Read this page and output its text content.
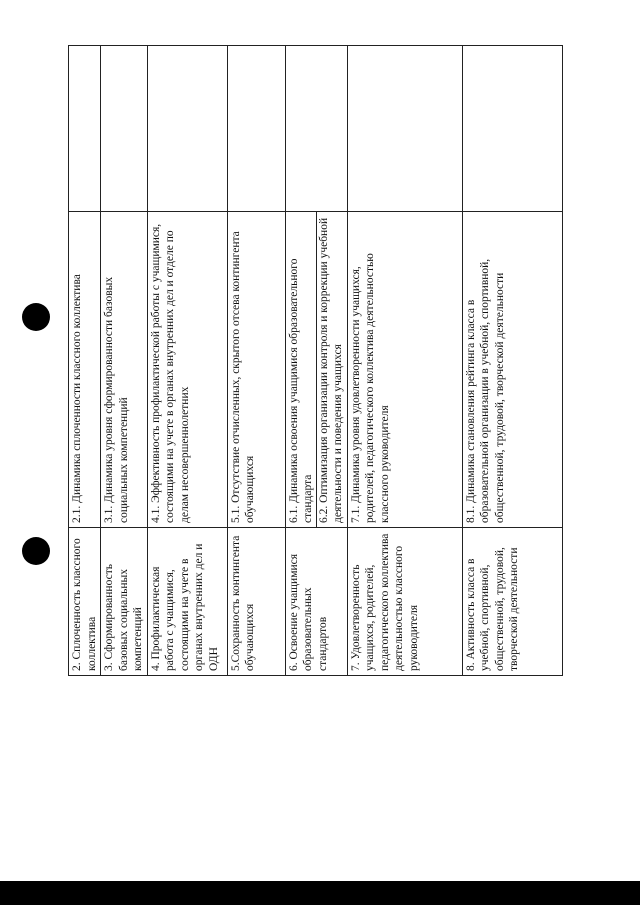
2. Сплоченность классного коллектива	2.1. Динамика сплоченности классного коллектива	

3. Сформированность базовых социальных компетенций	3.1. Динамика уровня сформированности базовых социальных компетенций	

4. Профилактическая работа с учащимися, состоящими на учете в органах внутренних дел и ОДН	4.1. Эффективность профилактической работы с учащимися, состоящими на учете в органах внутренних дел и отделе по делам несовершеннолетних	

5.Сохранность контингента обучающихся	5.1. Отсутствие отчисленных, скрытого отсева контингента обучающихся	

6. Освоение учащимися образовательных стандартов	6.1. Динамика освоения учащимися образовательного стандарта 6.2. Оптимизация организации контроля и коррекции учебной деятельности и поведения учащихся	

7. Удовлетворенность учащихся, родителей, педагогического коллектива деятельностью классного руководителя	7.1. Динамика уровня удовлетворенности учащихся, родителей, педагогического коллектива деятельностью классного руководителя	

8. Активность класса в учебной, спортивной, общественной, трудовой, творческой деятельности	8.1. Динамика становления рейтинга класса в образовательной организации в учебной, спортивной, общественной, трудовой, творческой деятельности	
